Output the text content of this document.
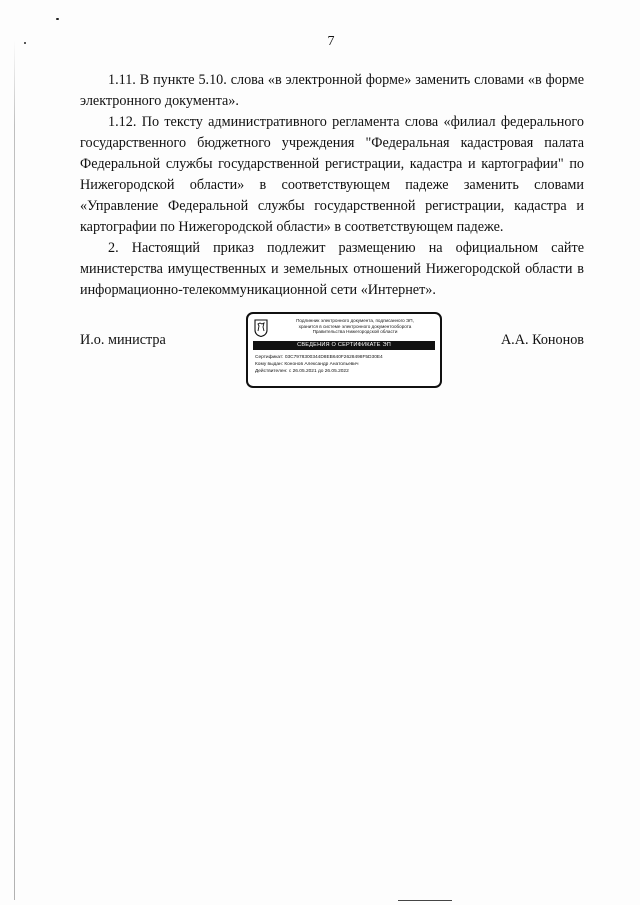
7

1.11. В пункте 5.10. слова «в электронной форме» заменить словами «в форме электронного документа».

1.12. По тексту административного регламента слова «филиал федерального государственного бюджетного учреждения "Федеральная кадастровая палата Федеральной службы государственной регистрации, кадастра и картографии" по Нижегородской области» в соответствующем падеже заменить словами «Управление Федеральной службы государственной регистрации, кадастра и картографии по Нижегородской области» в соответствующем падеже.

2. Настоящий приказ подлежит размещению на официальном сайте министерства имущественных и земельных отношений Нижегородской области в информационно-телекоммуникационной сети «Интернет».

И.о. министра
Подлинник электронного документа, подписанного ЭП,
хранится в системе электронного документооборота
Правительства Нижегородской области
СВЕДЕНИЯ О СЕРТИФИКАТЕ ЭП
Сертификат: 03C7978300344D8EB640F2628498F5D30E4
Кому выдан: Кононов Александр Анатольевич
Действителен: с 26.05.2021 до 26.05.2022
А.А. Кононов
